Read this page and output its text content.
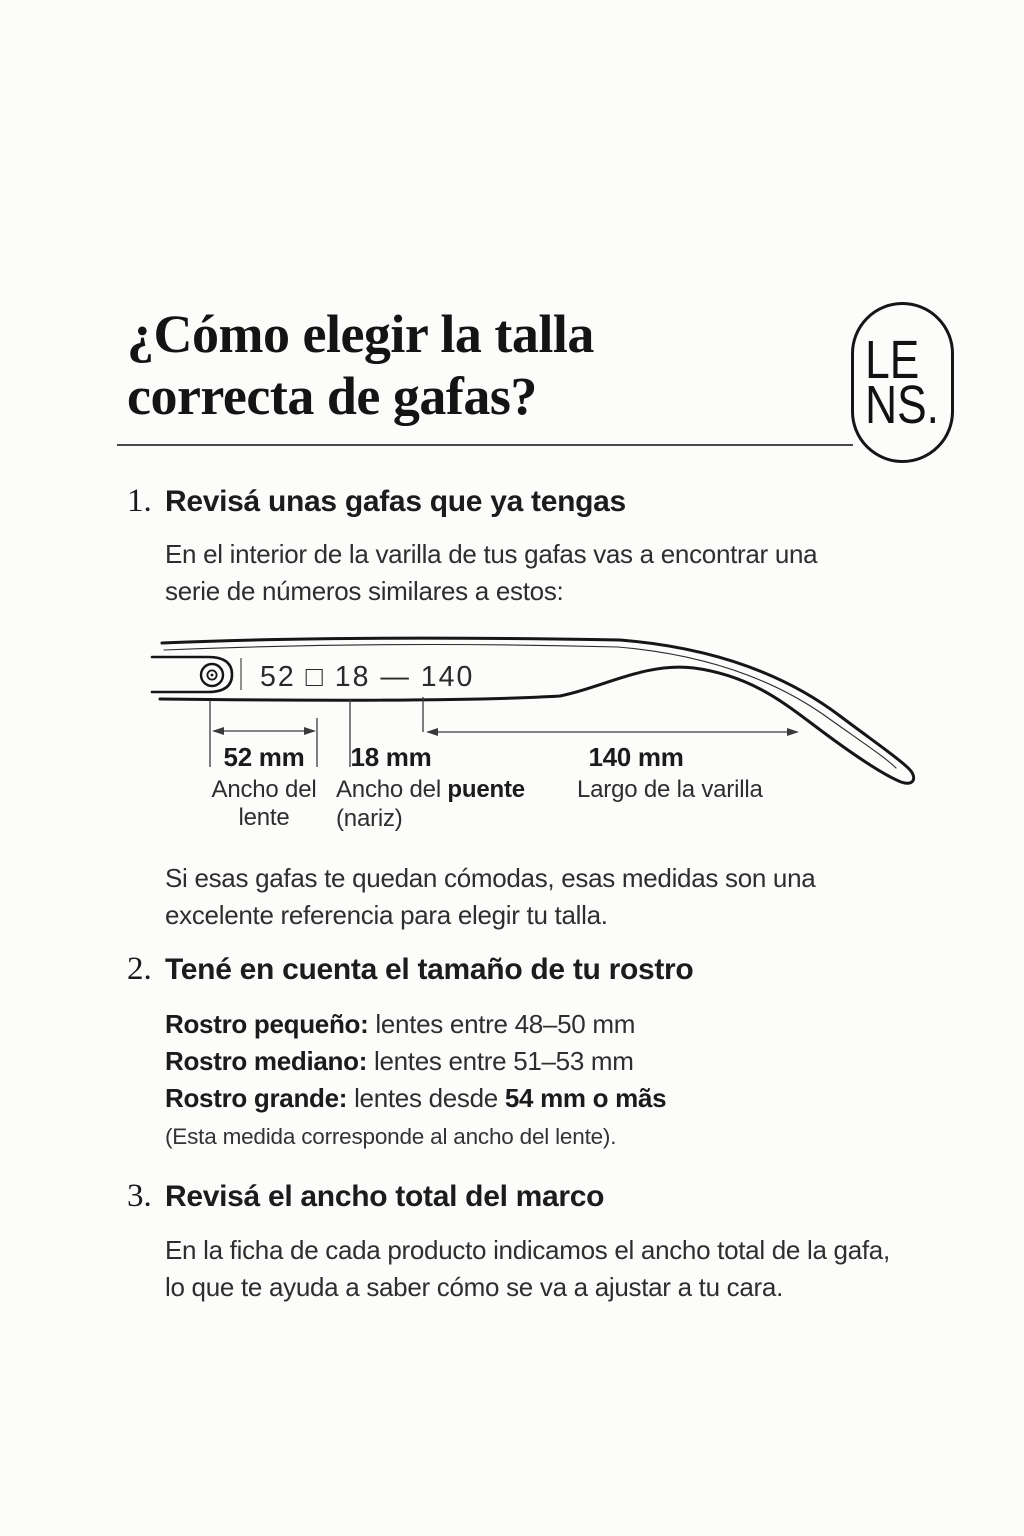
¿Cómo elegir la talla
correcta de gafas?
LE
NS.
1. Revisá unas gafas que ya tengas
En el interior de la varilla de tus gafas vas a encontrar una
serie de números similares a estos:
52 □ 18 — 140
52 mm
Ancho del
lente
18 mm
Ancho del puente
(nariz)
140 mm
Largo de la varilla
Si esas gafas te quedan cómodas, esas medidas son una
excelente referencia para elegir tu talla.
2. Tené en cuenta el tamaño de tu rostro
Rostro pequeño: lentes entre 48–50 mm
Rostro mediano: lentes entre 51–53 mm
Rostro grande: lentes desde 54 mm o mãs
(Esta medida corresponde al ancho del lente).
3. Revisá el ancho total del marco
En la ficha de cada producto indicamos el ancho total de la gafa,
lo que te ayuda a saber cómo se va a ajustar a tu cara.
